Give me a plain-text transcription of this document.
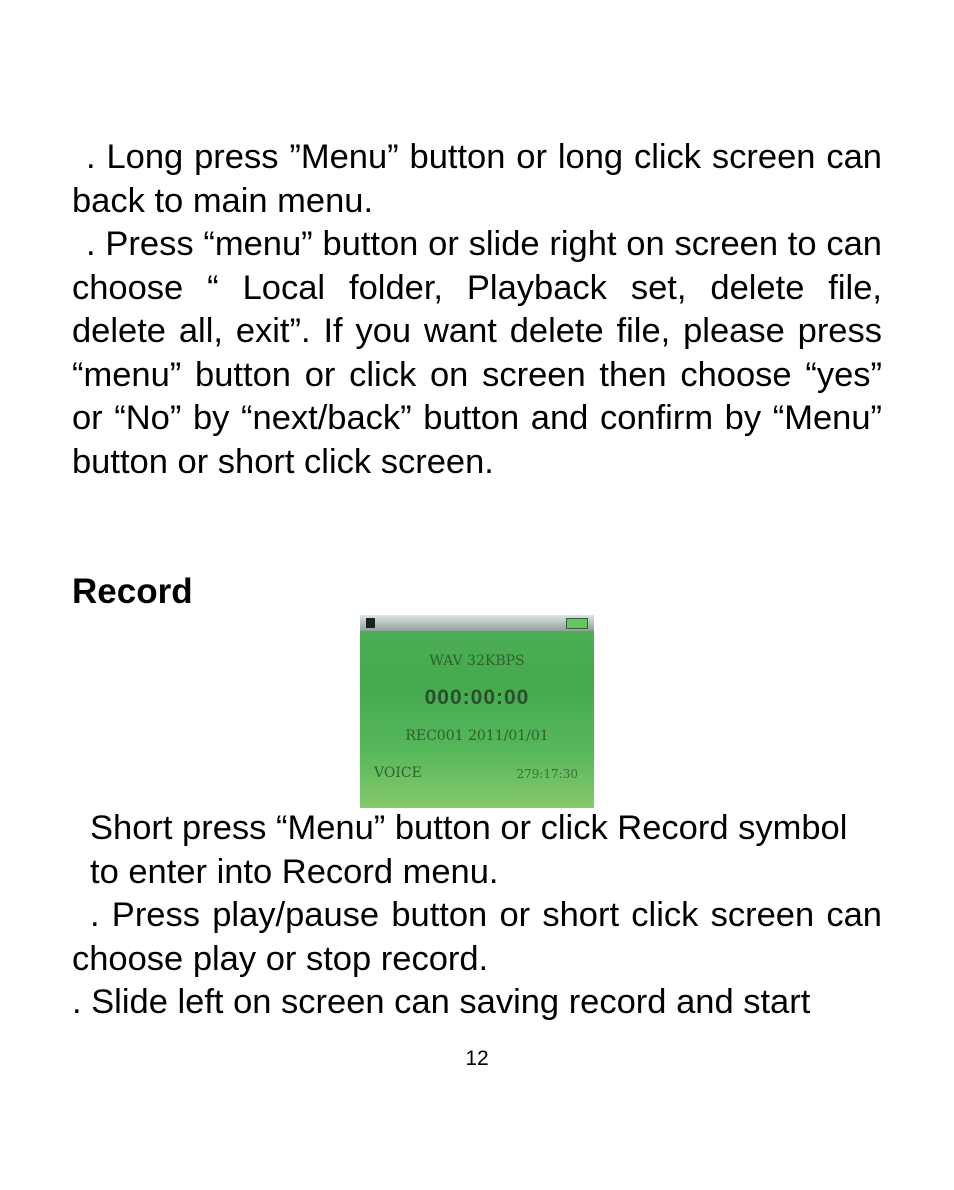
. Long press ”Menu” button or long click screen can back to main menu.

. Press “menu” button or slide right on screen to can choose “ Local folder, Playback set, delete file, delete all, exit”. If you want delete file, please press “menu” button or click on screen then choose “yes” or “No” by “next/back” button and confirm by “Menu” button or short click screen.

Record

WAV 32KBPS

000:00:00

REC001 2011/01/01

VOICE	279:17:30

Short press “Menu” button or click Record symbol to enter into Record menu.

. Press play/pause button or short click screen can choose play or stop record.

. Slide left on screen can saving record and start

12
